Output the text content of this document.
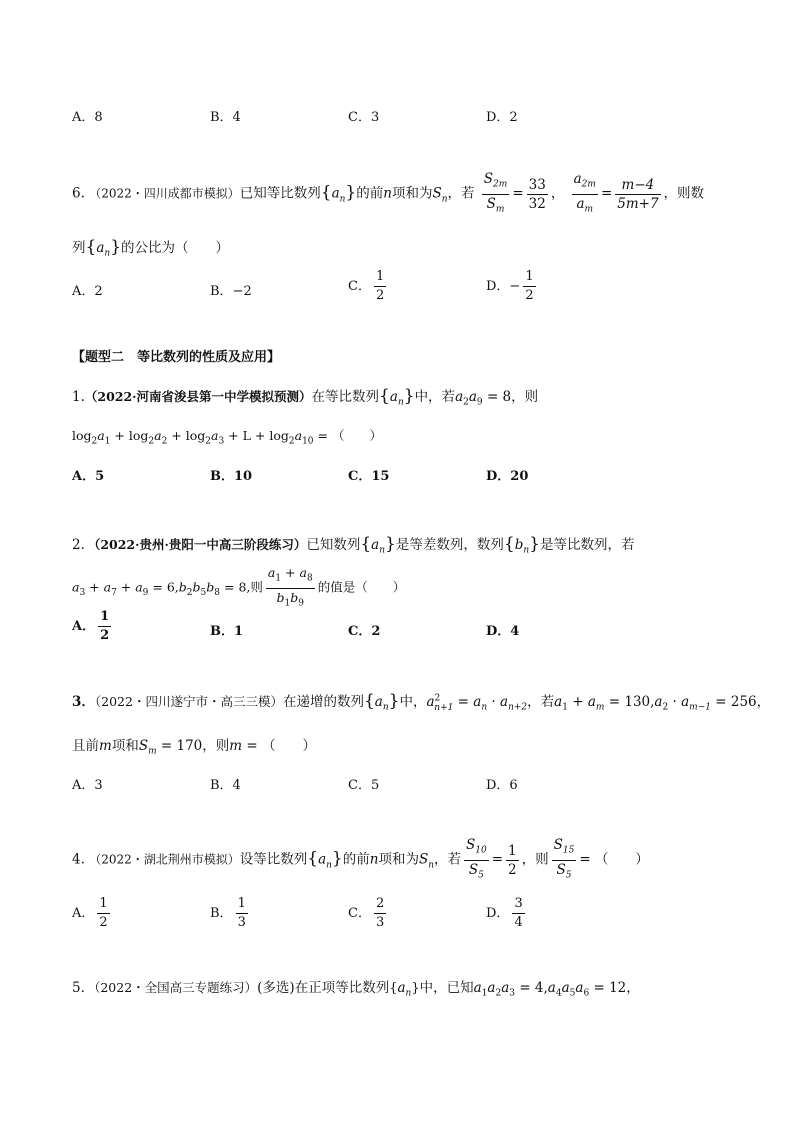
A．8	B．4	C．3	D．2
6. （2022・四川成都市模拟）已知等比数列$\{a_n\}$的前n项和为$S_n$，若 $\frac{S_{2m}}{S_m} = \frac{33}{32}$ ， $\frac{a_{2m}}{a_m} = \frac{m-4}{5m+7}$ ，则数
列$\{a_n\}$的公比为（　　）
A．2	B．−2	C． $\frac{1}{2}$	D．− $\frac{1}{2}$
【题型二　等比数列的性质及应用】
1.（2022·河南省浚县第一中学模拟预测）在等比数列$\{a_n\}$中，若$a_2a_9 = 8$，则
$\log_2a_1 + \log_2a_2 + \log_2a_3 + L + \log_2a_{10}$ = （　　）
A．5	B．10	C．15	D．20
2．（2022·贵州·贵阳一中高三阶段练习）已知数列$\{a_n\}$是等差数列，数列$\{b_n\}$是等比数列，若
$a_3 + a_7 + a_9 = 6,b_2b_5b_8 = 8$,则 $\frac{a_1 + a_8}{b_1b_9}$ 的值是（　　）
A． $\frac{1}{2}$	B．1	C．2	D．4
3．（2022・四川遂宁市・高三三模）在递增的数列$\{a_n\}$中，$a^2_{n+1} = a_n \cdot a_{n+2}$，若$a_1 + a_m = 130,a_2 \cdot a_{m-1} = 256$，
且前m项和$S_m = 170$，则m = （　　）
A．3	B．4	C．5	D．6
4. （2022・湖北荆州市模拟）设等比数列$\{a_n\}$的前n项和为$S_n$，若 $\frac{S_{10}}{S_5} = \frac{1}{2}$ ，则 $\frac{S_{15}}{S_5}$ = （　　）
A． $\frac{1}{2}$	B． $\frac{1}{3}$	C． $\frac{2}{3}$	D． $\frac{3}{4}$
5．（2022・全国高三专题练习）(多选)在正项等比数列$\{a_n\}$中，已知$a_1a_2a_3 = 4,a_4a_5a_6 = 12$，
